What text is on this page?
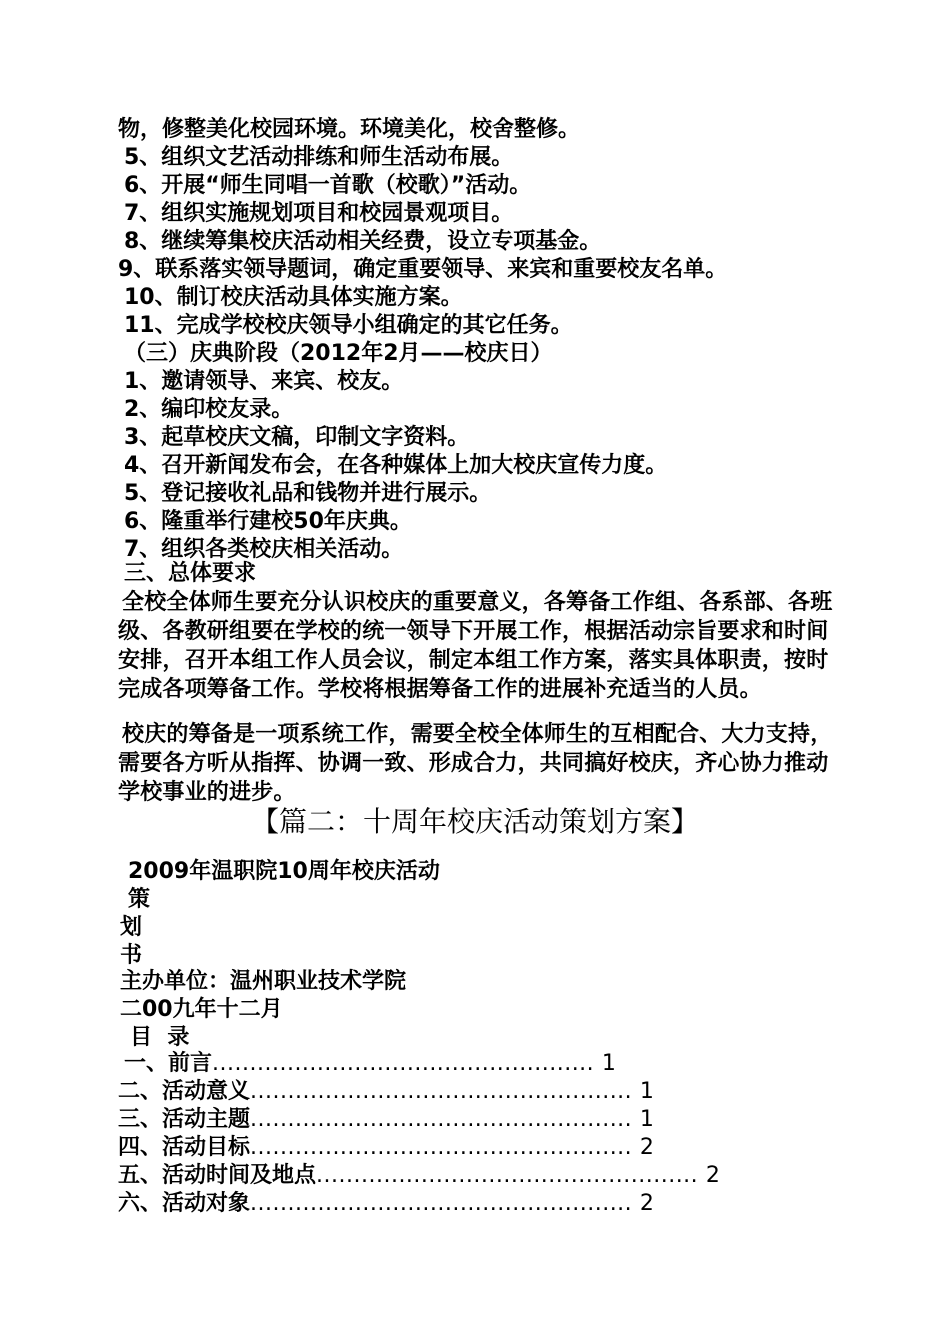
物，修整美化校园环境。环境美化，校舍整修。
5、组织文艺活动排练和师生活动布展。
6、开展“师生同唱一首歌（校歌）”活动。
7、组织实施规划项目和校园景观项目。
8、继续筹集校庆活动相关经费，设立专项基金。
9、联系落实领导题词，确定重要领导、来宾和重要校友名单。
10、制订校庆活动具体实施方案。
11、完成学校校庆领导小组确定的其它任务。
（三）庆典阶段（2012年2月——校庆日）
1、邀请领导、来宾、校友。
2、编印校友录。
3、起草校庆文稿，印制文字资料。
4、召开新闻发布会，在各种媒体上加大校庆宣传力度。
5、登记接收礼品和钱物并进行展示。
6、隆重举行建校50年庆典。
7、组织各类校庆相关活动。
三、总体要求
全校全体师生要充分认识校庆的重要意义，各筹备工作组、各系部、各班级、各教研组要在学校的统一领导下开展工作，根据活动宗旨要求和时间安排，召开本组工作人员会议，制定本组工作方案，落实具体职责，按时完成各项筹备工作。学校将根据筹备工作的进展补充适当的人员。
校庆的筹备是一项系统工作，需要全校全体师生的互相配合、大力支持，需要各方听从指挥、协调一致、形成合力，共同搞好校庆，齐心协力推动学校事业的进步。
【篇二：十周年校庆活动策划方案】
2009年温职院10周年校庆活动
策
划
书
主办单位：温州职业技术学院
二00九年十二月
目  录
一、前言................................................... 1
二、活动意义................................................... 1
三、活动主题................................................... 1
四、活动目标................................................... 2
五、活动时间及地点................................................... 2
六、活动对象................................................... 2
